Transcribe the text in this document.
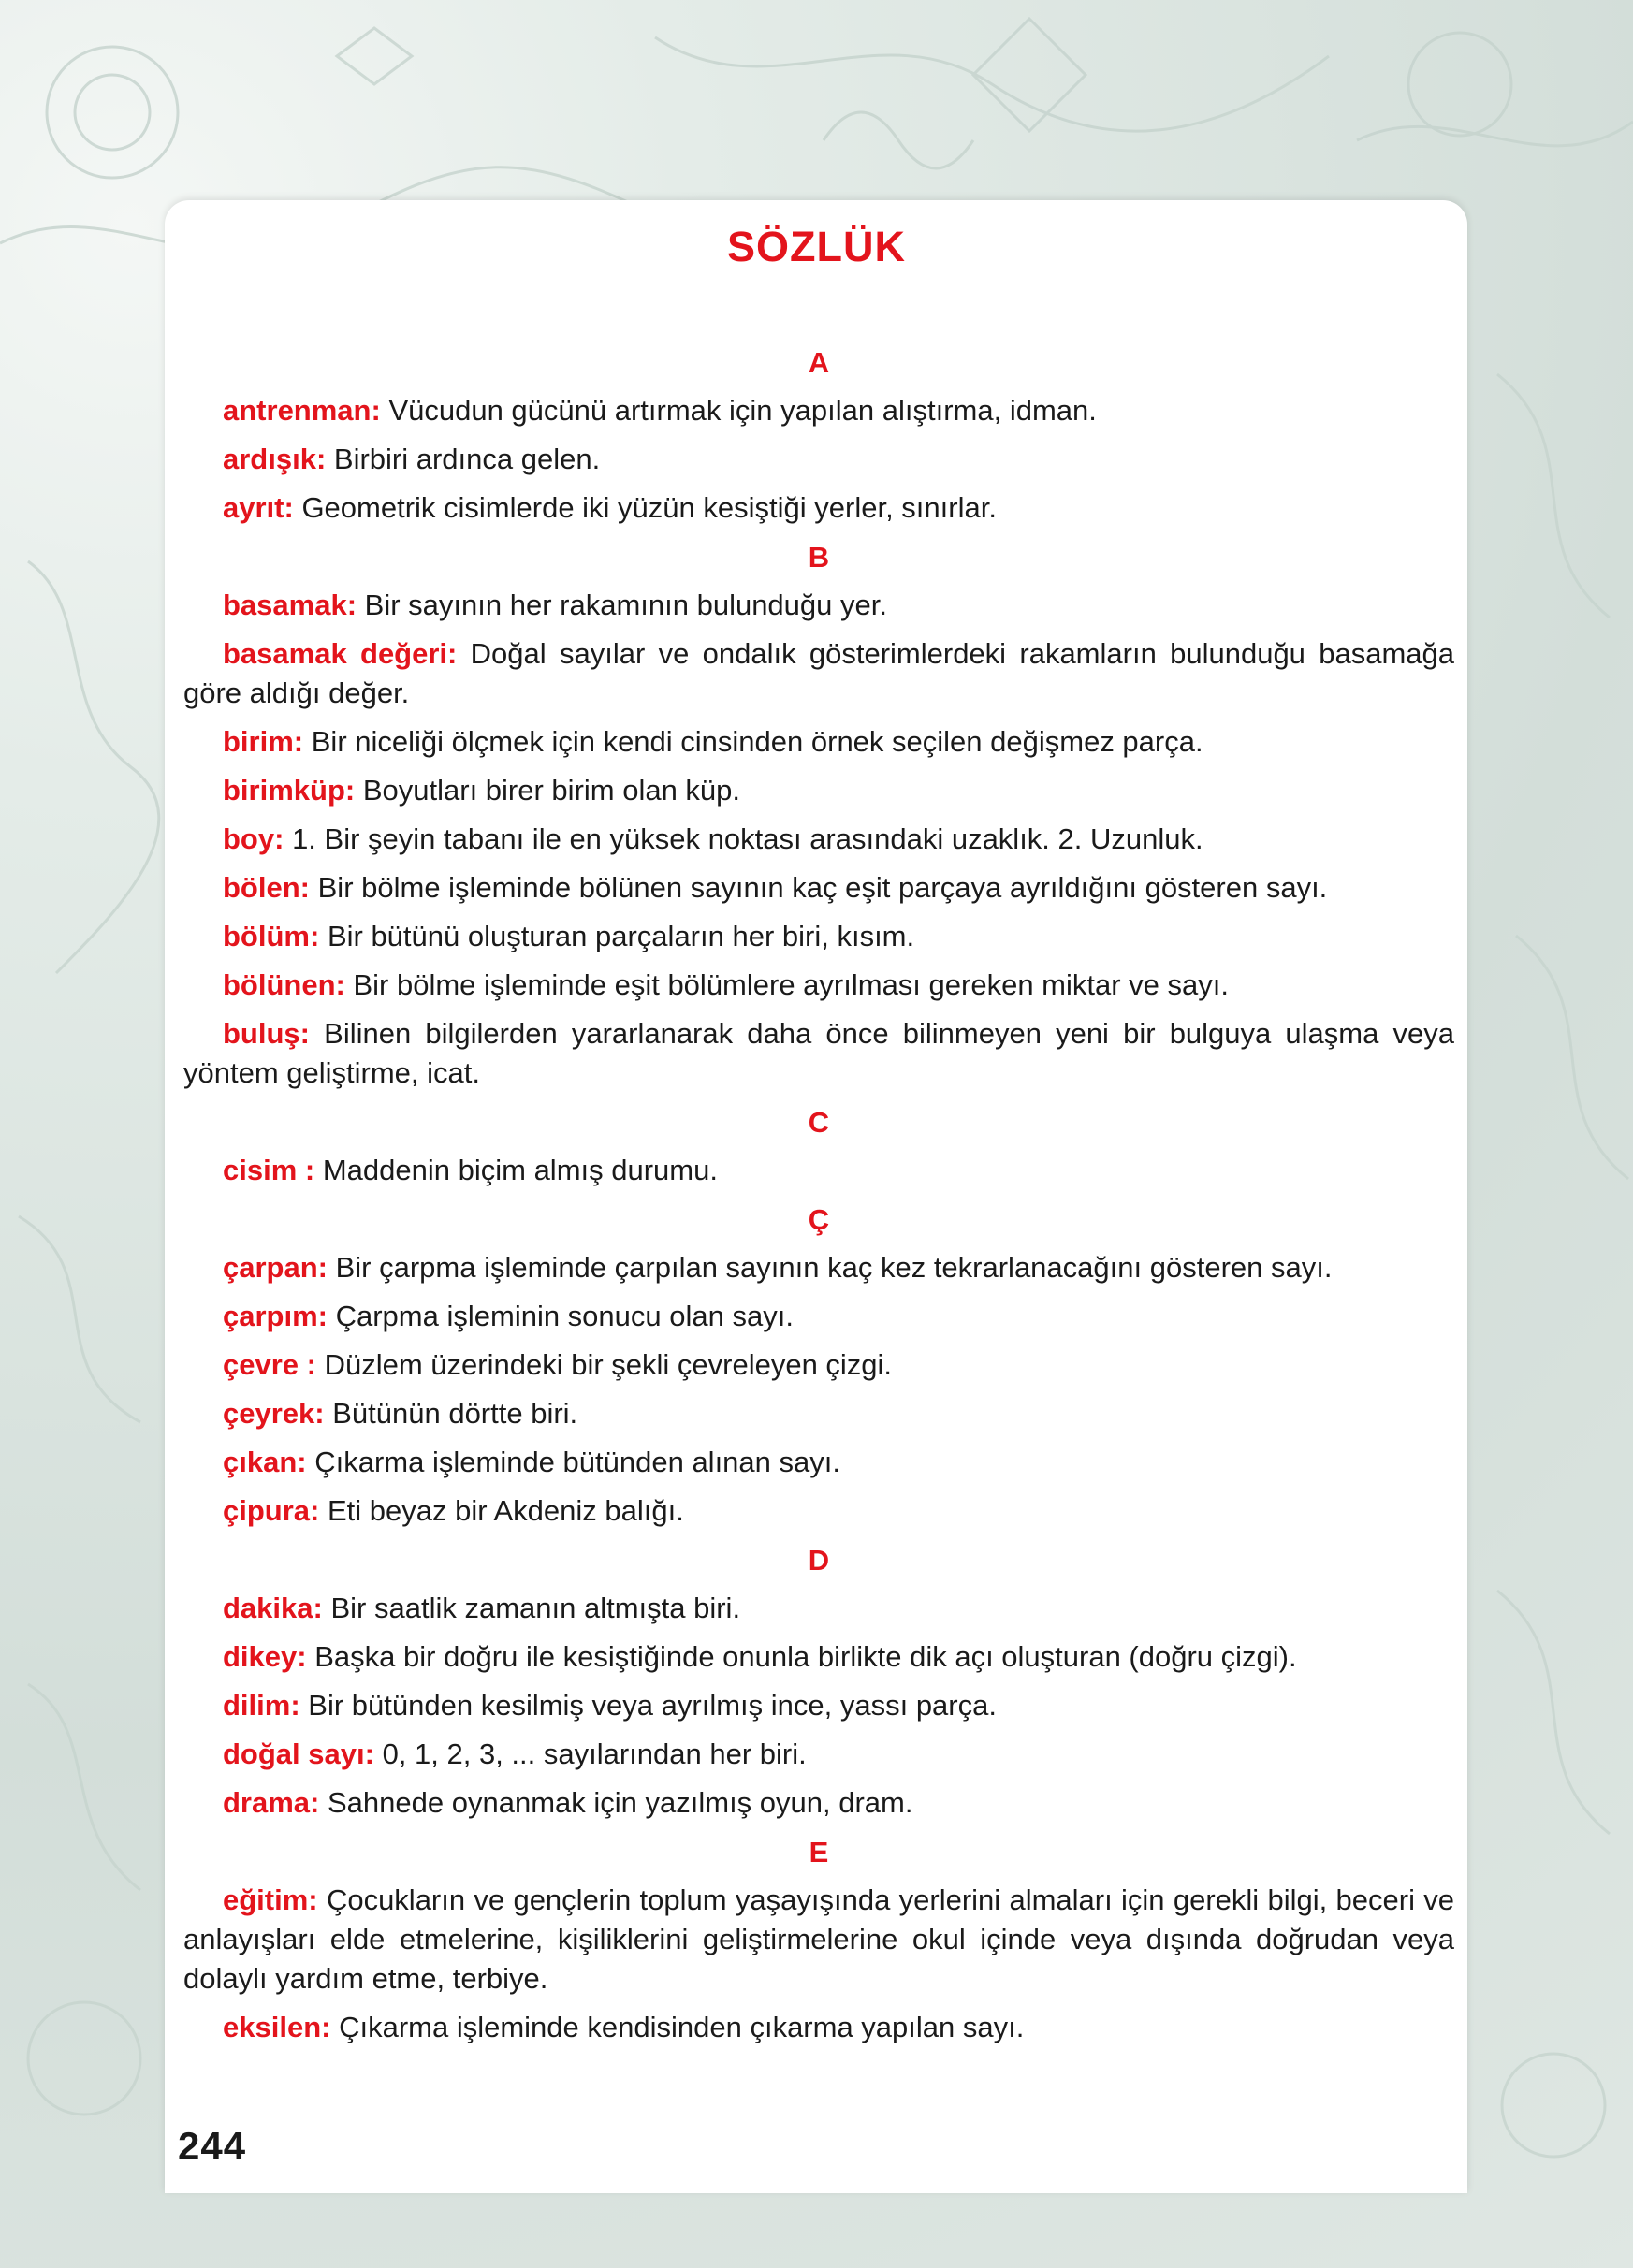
SÖZLÜK
A
antrenman: Vücudun gücünü artırmak için yapılan alıştırma, idman.
ardışık: Birbiri ardınca gelen.
ayrıt: Geometrik cisimlerde iki yüzün kesiştiği yerler, sınırlar.
B
basamak: Bir sayının her rakamının bulunduğu yer.
basamak değeri: Doğal sayılar ve ondalık gösterimlerdeki rakamların bulunduğu basamağa göre aldığı değer.
birim: Bir niceliği ölçmek için kendi cinsinden örnek seçilen değişmez parça.
birimküp: Boyutları birer birim olan küp.
boy: 1. Bir şeyin tabanı ile en yüksek noktası arasındaki uzaklık. 2. Uzunluk.
bölen: Bir bölme işleminde bölünen sayının kaç eşit parçaya ayrıldığını gösteren sayı.
bölüm: Bir bütünü oluşturan parçaların her biri, kısım.
bölünen: Bir bölme işleminde eşit bölümlere ayrılması gereken miktar ve sayı.
buluş: Bilinen bilgilerden yararlanarak daha önce bilinmeyen yeni bir bulguya ulaşma veya yöntem geliştirme, icat.
C
cisim : Maddenin biçim almış durumu.
Ç
çarpan: Bir çarpma işleminde çarpılan sayının kaç kez tekrarlanacağını gösteren sayı.
çarpım: Çarpma işleminin sonucu olan sayı.
çevre : Düzlem üzerindeki bir şekli çevreleyen çizgi.
çeyrek: Bütünün dörtte biri.
çıkan: Çıkarma işleminde bütünden alınan sayı.
çipura: Eti beyaz bir Akdeniz balığı.
D
dakika: Bir saatlik zamanın altmışta biri.
dikey: Başka bir doğru ile kesiştiğinde onunla birlikte dik açı oluşturan (doğru çizgi).
dilim: Bir bütünden kesilmiş veya ayrılmış ince, yassı parça.
doğal sayı: 0, 1, 2, 3, ... sayılarından her biri.
drama: Sahnede oynanmak için yazılmış oyun, dram.
E
eğitim: Çocukların ve gençlerin toplum yaşayışında yerlerini almaları için gerekli bilgi, beceri ve anlayışları elde etmelerine, kişiliklerini geliştirmelerine okul içinde veya dışında doğrudan veya dolaylı yardım etme, terbiye.
eksilen: Çıkarma işleminde kendisinden çıkarma yapılan sayı.
244
